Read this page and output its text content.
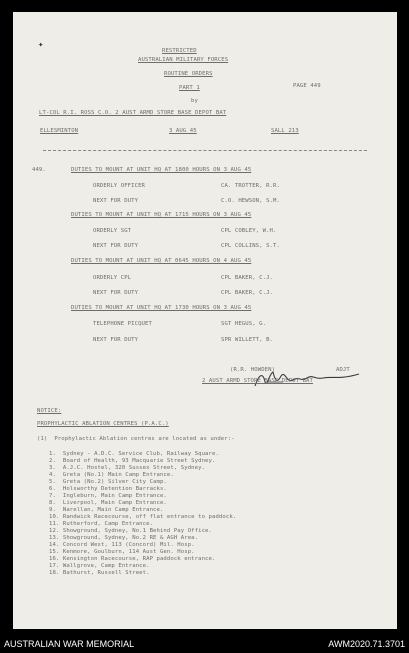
✦
RESTRICTED
AUSTRALIAN MILITARY FORCES
ROUTINE ORDERS
PART 1	PAGE 449
by
LT-COL R.I. ROSS C.O. 2 AUST ARMD STORE BASE DEPOT BAT
ELLESMINTON	3 AUG 45	SALL 213
449.	DUTIES TO MOUNT AT UNIT HQ AT 1800 HOURS ON 3 AUG 45
ORDERLY OFFICER	CA. TROTTER, R.R.
NEXT FOR DUTY	C.O. HEWSON, S.M.
DUTIES TO MOUNT AT UNIT HQ AT 1715 HOURS ON 3 AUG 45
ORDERLY SGT	CPL COBLEY, W.H.
NEXT FOR DUTY	CPL COLLINS, S.T.
DUTIES TO MOUNT AT UNIT HQ AT 0645 HOURS ON 4 AUG 45
ORDERLY CPL	CPL BAKER, C.J.
NEXT FOR DUTY	CPL BAKER, C.J.
DUTIES TO MOUNT AT UNIT HQ AT 1730 HOURS ON 3 AUG 45
TELEPHONE PICQUET	SGT HEGUS, G.
NEXT FOR DUTY	SPR WILLETT, B.
(R.R. HOWDEN)	ADJT
2 AUST ARMD STORE BASE DEPOT BAT
NOTICE:
PROPHYLACTIC ABLATION CENTRES (P.A.C.)
(1)  Prophylactic Ablation centres are located as under:-
1.  Sydney - A.D.C. Service Club, Railway Square.
2.  Board of Health, 93 Macquarie Street Sydney.
3.  A.J.C. Hostel, 320 Sussex Street, Sydney.
4.  Greta (No.1) Main Camp Entrance.
5.  Greta (No.2) Silver City Camp.
6.  Holsworthy Detention Barracks.
7.  Ingleburn, Main Camp Entrance.
8.  Liverpool, Main Camp Entrance.
9.  Narellan, Main Camp Entrance.
10. Randwick Racecourse, off flat entrance to paddock.
11. Rutherford, Camp Entrance.
12. Showground, Sydney, No.1 Behind Pay Office.
13. Showground, Sydney, No.2 RE & AGH Area.
14. Concord West, 113 (Concord) Mil. Hosp.
15. Kenmore, Goulburn, 114 Aust Gen. Hosp.
16. Kensington Racecourse, RAP paddock entrance.
17. Wallgrove, Camp Entrance.
18. Bathurst, Russell Street.
AUSTRALIAN WAR MEMORIAL	AWM2020.71.3701
